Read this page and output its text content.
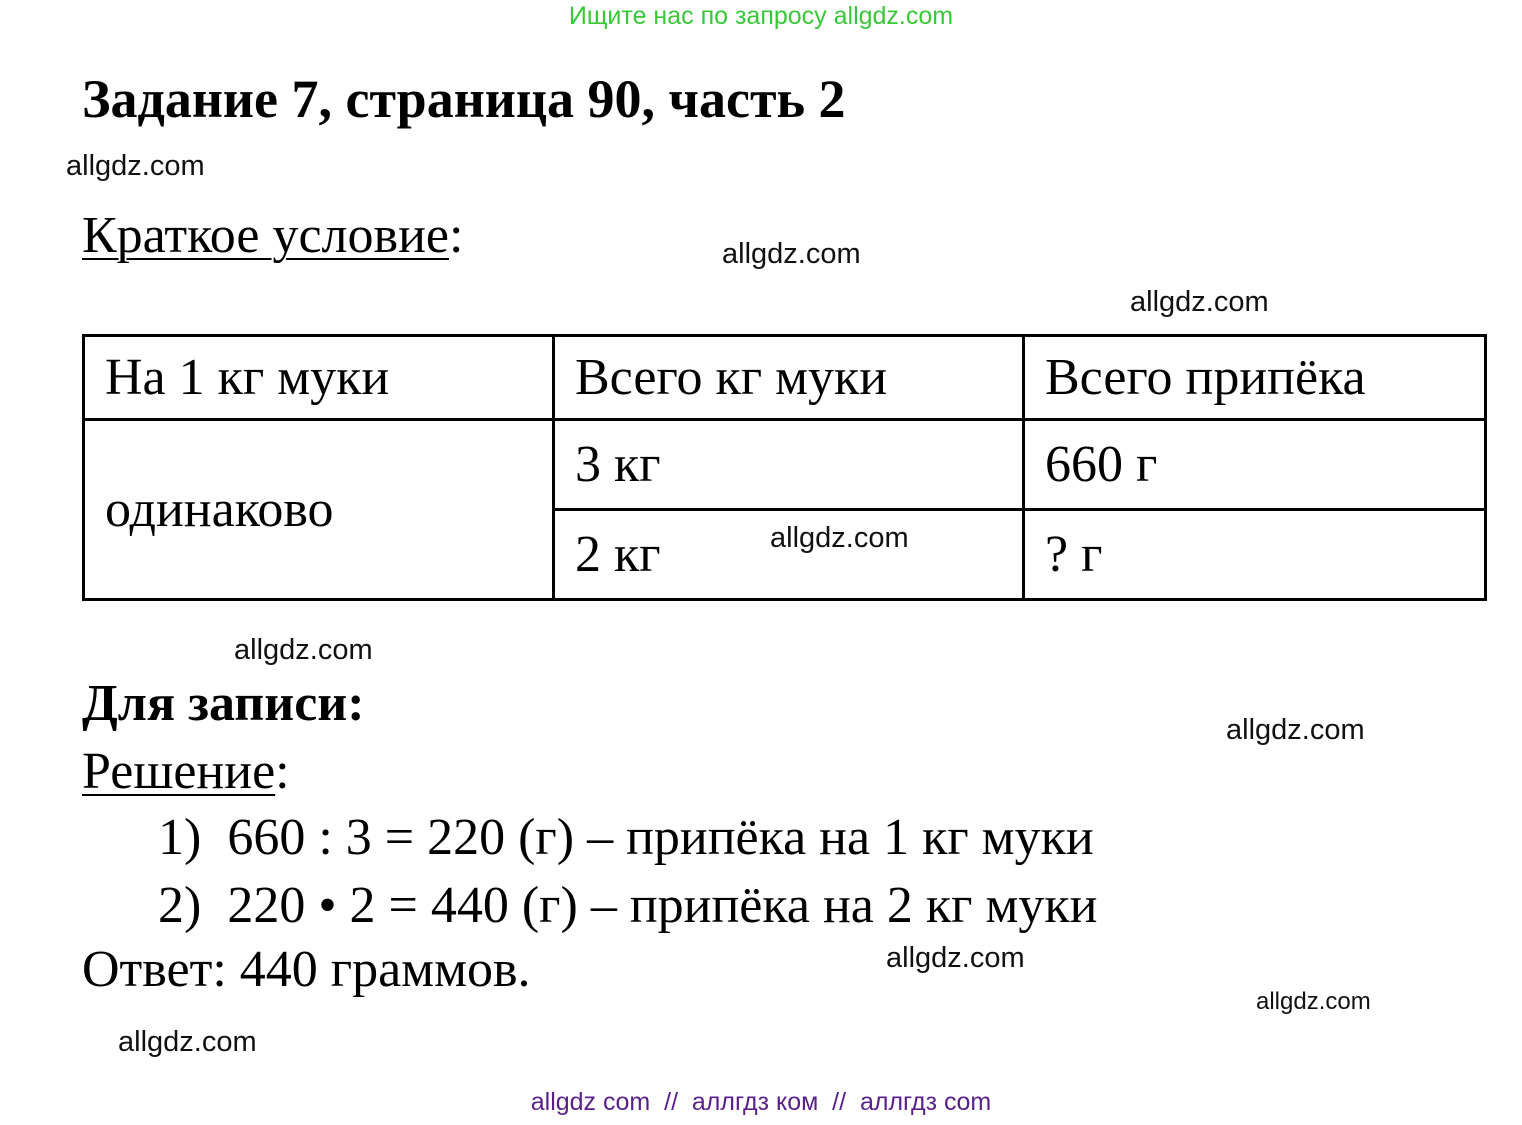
Ищите нас по запросу allgdz.com
Задание 7, страница 90, часть 2
allgdz.com
Краткое условие:	allgdz.com
allgdz.com
На 1 кг муки	Всего кг муки	Всего припёка
одинаково	3 кг	660 г
	2 кг	? г
allgdz.com
allgdz.com
Для записи:	allgdz.com
Решение:
1) 660 : 3 = 220 (г) – припёка на 1 кг муки
2) 220 • 2 = 440 (г) – припёка на 2 кг муки
Ответ: 440 граммов.	allgdz.com
allgdz.com
allgdz.com
allgdz com  //  аллгдз ком  //  аллгдз com
